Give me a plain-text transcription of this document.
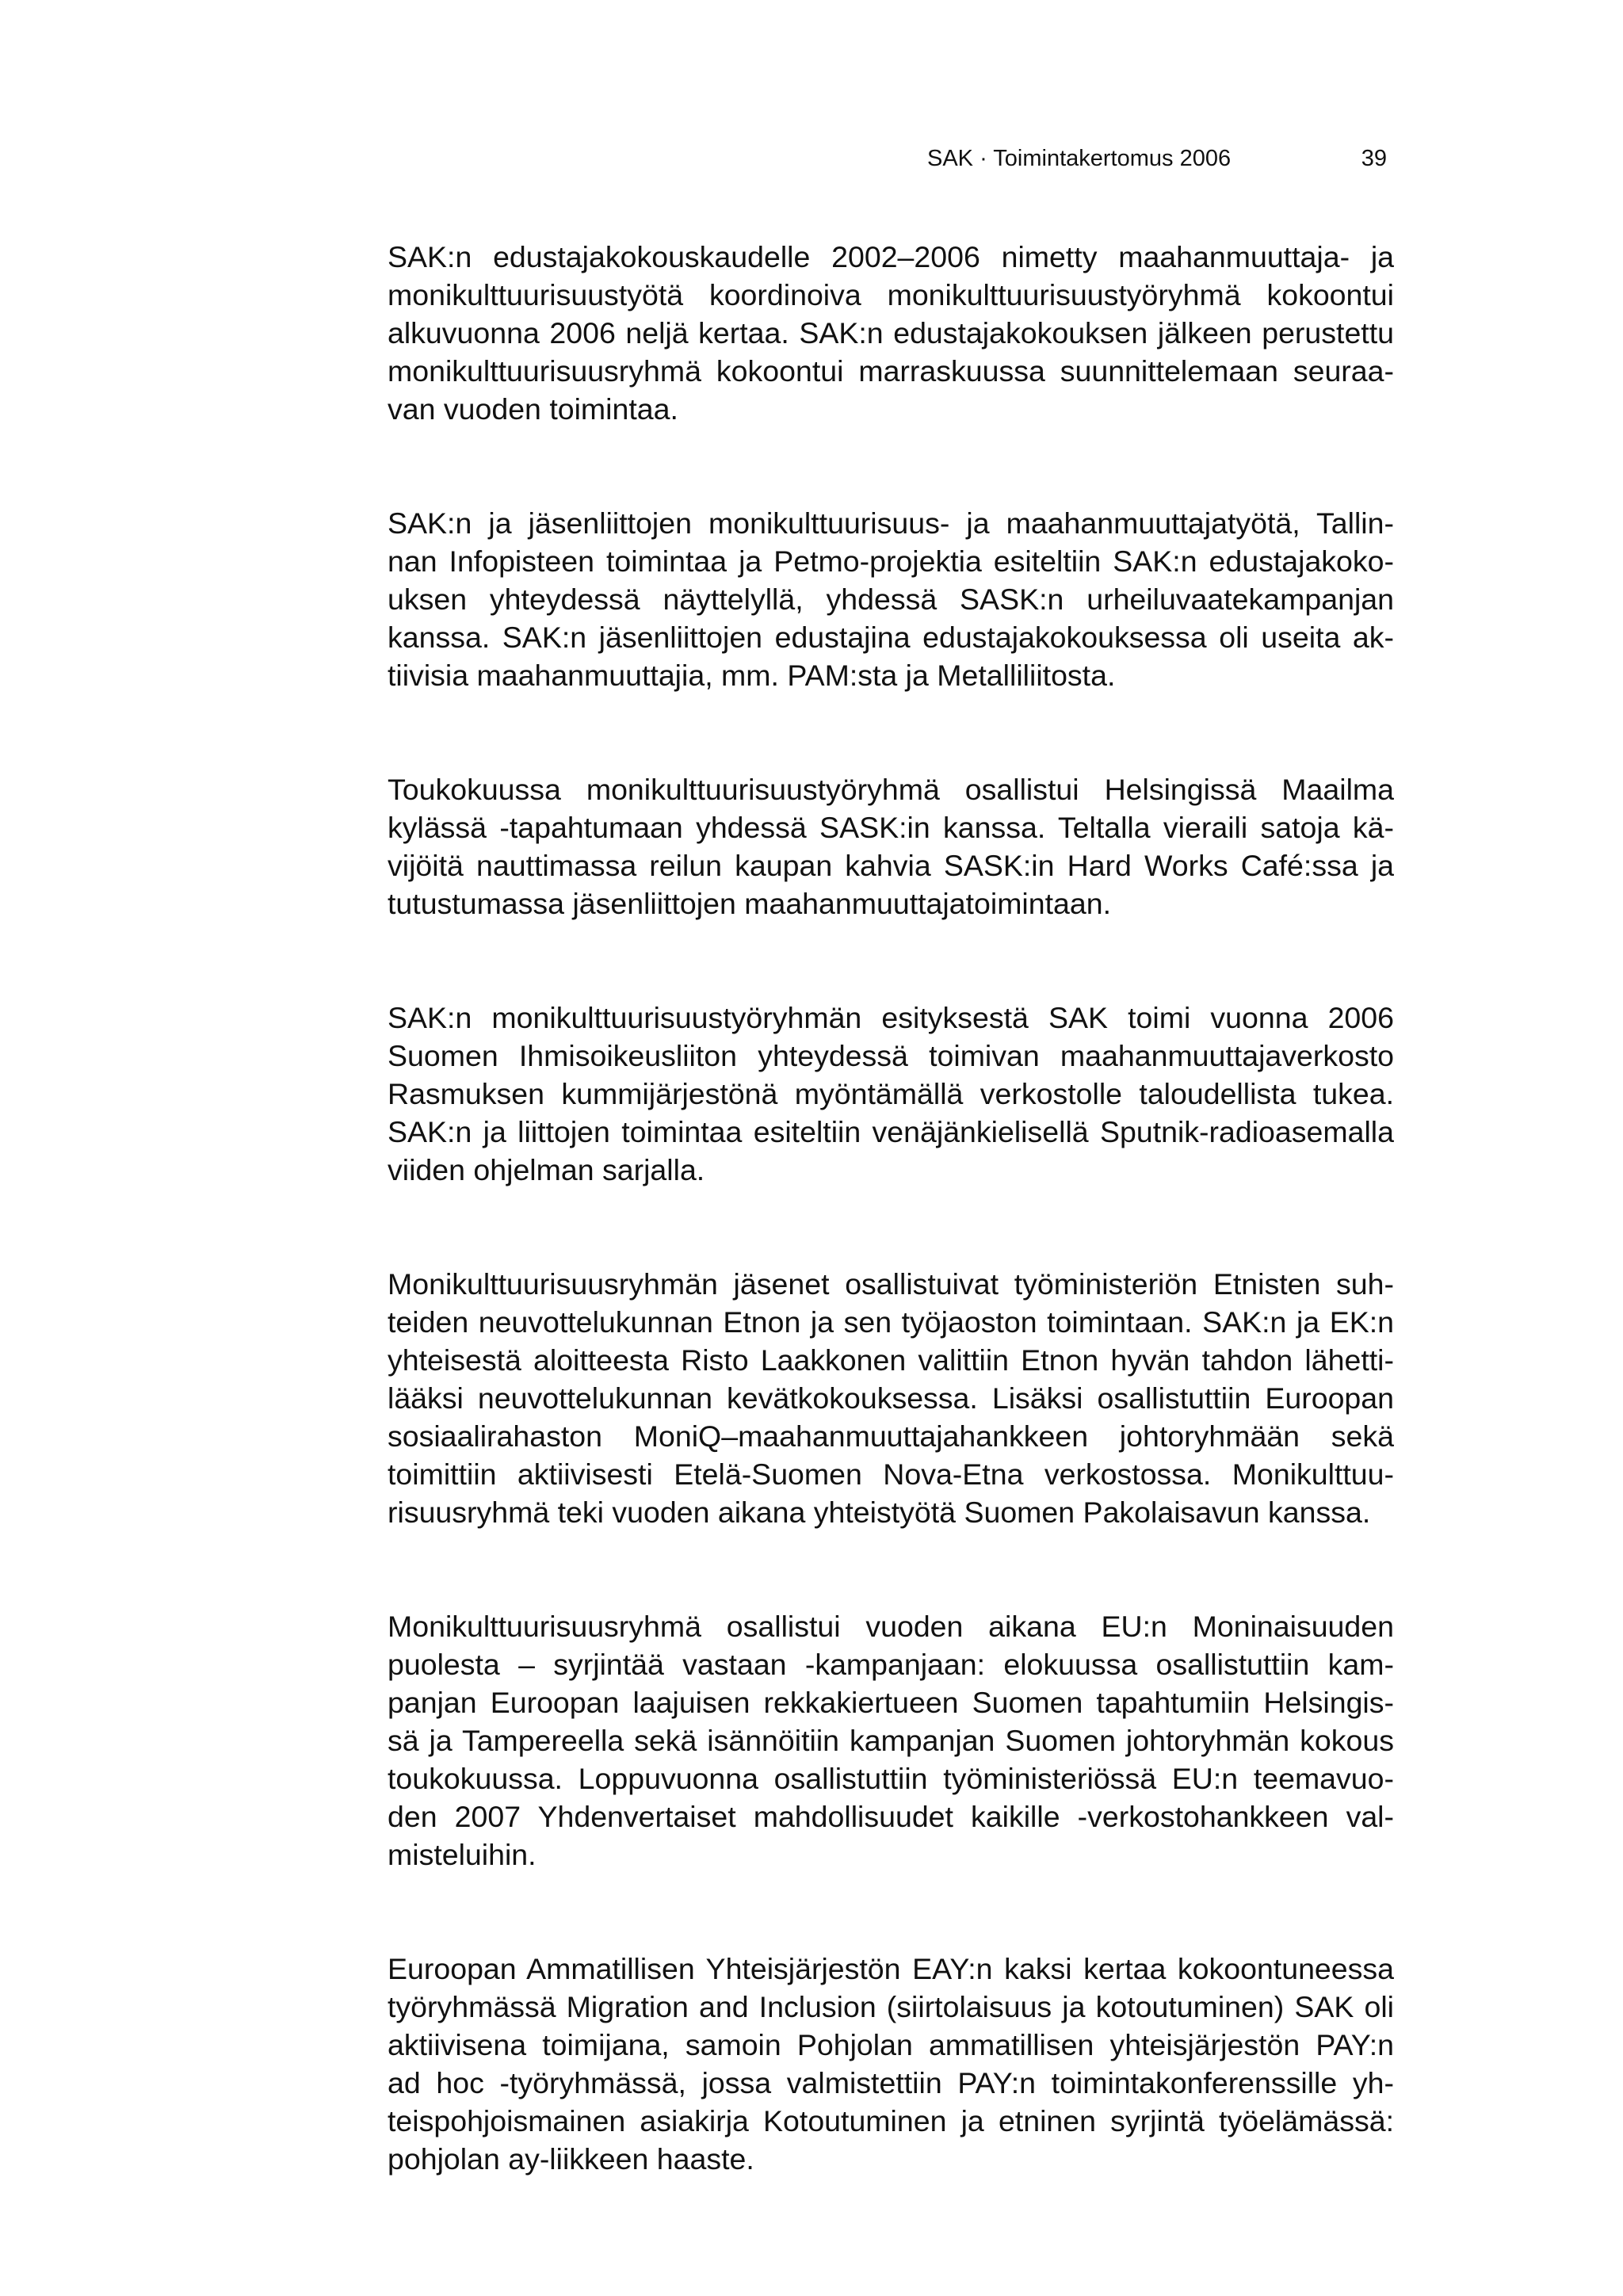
SAK · Toimintakertomus 2006	39

SAK:n edustajakokouskaudelle 2002–2006 nimetty maahanmuuttaja- ja
monikulttuurisuustyötä koordinoiva monikulttuurisuustyöryhmä kokoontui
alkuvuonna 2006 neljä kertaa. SAK:n edustajakokouksen jälkeen perustettu
monikulttuurisuusryhmä kokoontui marraskuussa suunnittelemaan seuraa-
van vuoden toimintaa.

SAK:n ja jäsenliittojen monikulttuurisuus- ja maahanmuuttajatyötä, Tallin-
nan Infopisteen toimintaa ja Petmo-projektia esiteltiin SAK:n edustajakoko-
uksen yhteydessä näyttelyllä, yhdessä SASK:n urheiluvaatekampanjan
kanssa. SAK:n jäsenliittojen edustajina edustajakokouksessa oli useita ak-
tiivisia maahanmuuttajia, mm. PAM:sta ja Metalliliitosta.

Toukokuussa monikulttuurisuustyöryhmä osallistui Helsingissä Maailma
kylässä -tapahtumaan yhdessä SASK:in kanssa. Teltalla vieraili satoja kä-
vijöitä nauttimassa reilun kaupan kahvia SASK:in Hard Works Café:ssa ja
tutustumassa jäsenliittojen maahanmuuttajatoimintaan.

SAK:n monikulttuurisuustyöryhmän esityksestä SAK toimi vuonna 2006
Suomen Ihmisoikeusliiton yhteydessä toimivan maahanmuuttajaverkosto
Rasmuksen kummijärjestönä myöntämällä verkostolle taloudellista tukea.
SAK:n ja liittojen toimintaa esiteltiin venäjänkielisellä Sputnik-radioasemalla
viiden ohjelman sarjalla.

Monikulttuurisuusryhmän jäsenet osallistuivat työministeriön Etnisten suh-
teiden neuvottelukunnan Etnon ja sen työjaoston toimintaan. SAK:n ja EK:n
yhteisestä aloitteesta Risto Laakkonen valittiin Etnon hyvän tahdon lähetti-
lääksi neuvottelukunnan kevätkokouksessa. Lisäksi osallistuttiin Euroopan
sosiaalirahaston MoniQ–maahanmuuttajahankkeen johtoryhmään sekä
toimittiin aktiivisesti Etelä-Suomen Nova-Etna verkostossa. Monikulttuu-
risuusryhmä teki vuoden aikana yhteistyötä Suomen Pakolaisavun kanssa.

Monikulttuurisuusryhmä osallistui vuoden aikana EU:n Moninaisuuden
puolesta – syrjintää vastaan -kampanjaan: elokuussa osallistuttiin kam-
panjan Euroopan laajuisen rekkakiertueen Suomen tapahtumiin Helsingis-
sä ja Tampereella sekä isännöitiin kampanjan Suomen johtoryhmän kokous
toukokuussa. Loppuvuonna osallistuttiin työministeriössä EU:n teemavuo-
den 2007 Yhdenvertaiset mahdollisuudet kaikille -verkostohankkeen val-
misteluihin.

Euroopan Ammatillisen Yhteisjärjestön EAY:n kaksi kertaa kokoontuneessa
työryhmässä Migration and Inclusion (siirtolaisuus ja kotoutuminen) SAK oli
aktiivisena toimijana, samoin Pohjolan ammatillisen yhteisjärjestön PAY:n
ad hoc -työryhmässä, jossa valmistettiin PAY:n toimintakonferenssille yh-
teispohjoismainen asiakirja Kotoutuminen ja etninen syrjintä työelämässä:
pohjolan ay-liikkeen haaste.
